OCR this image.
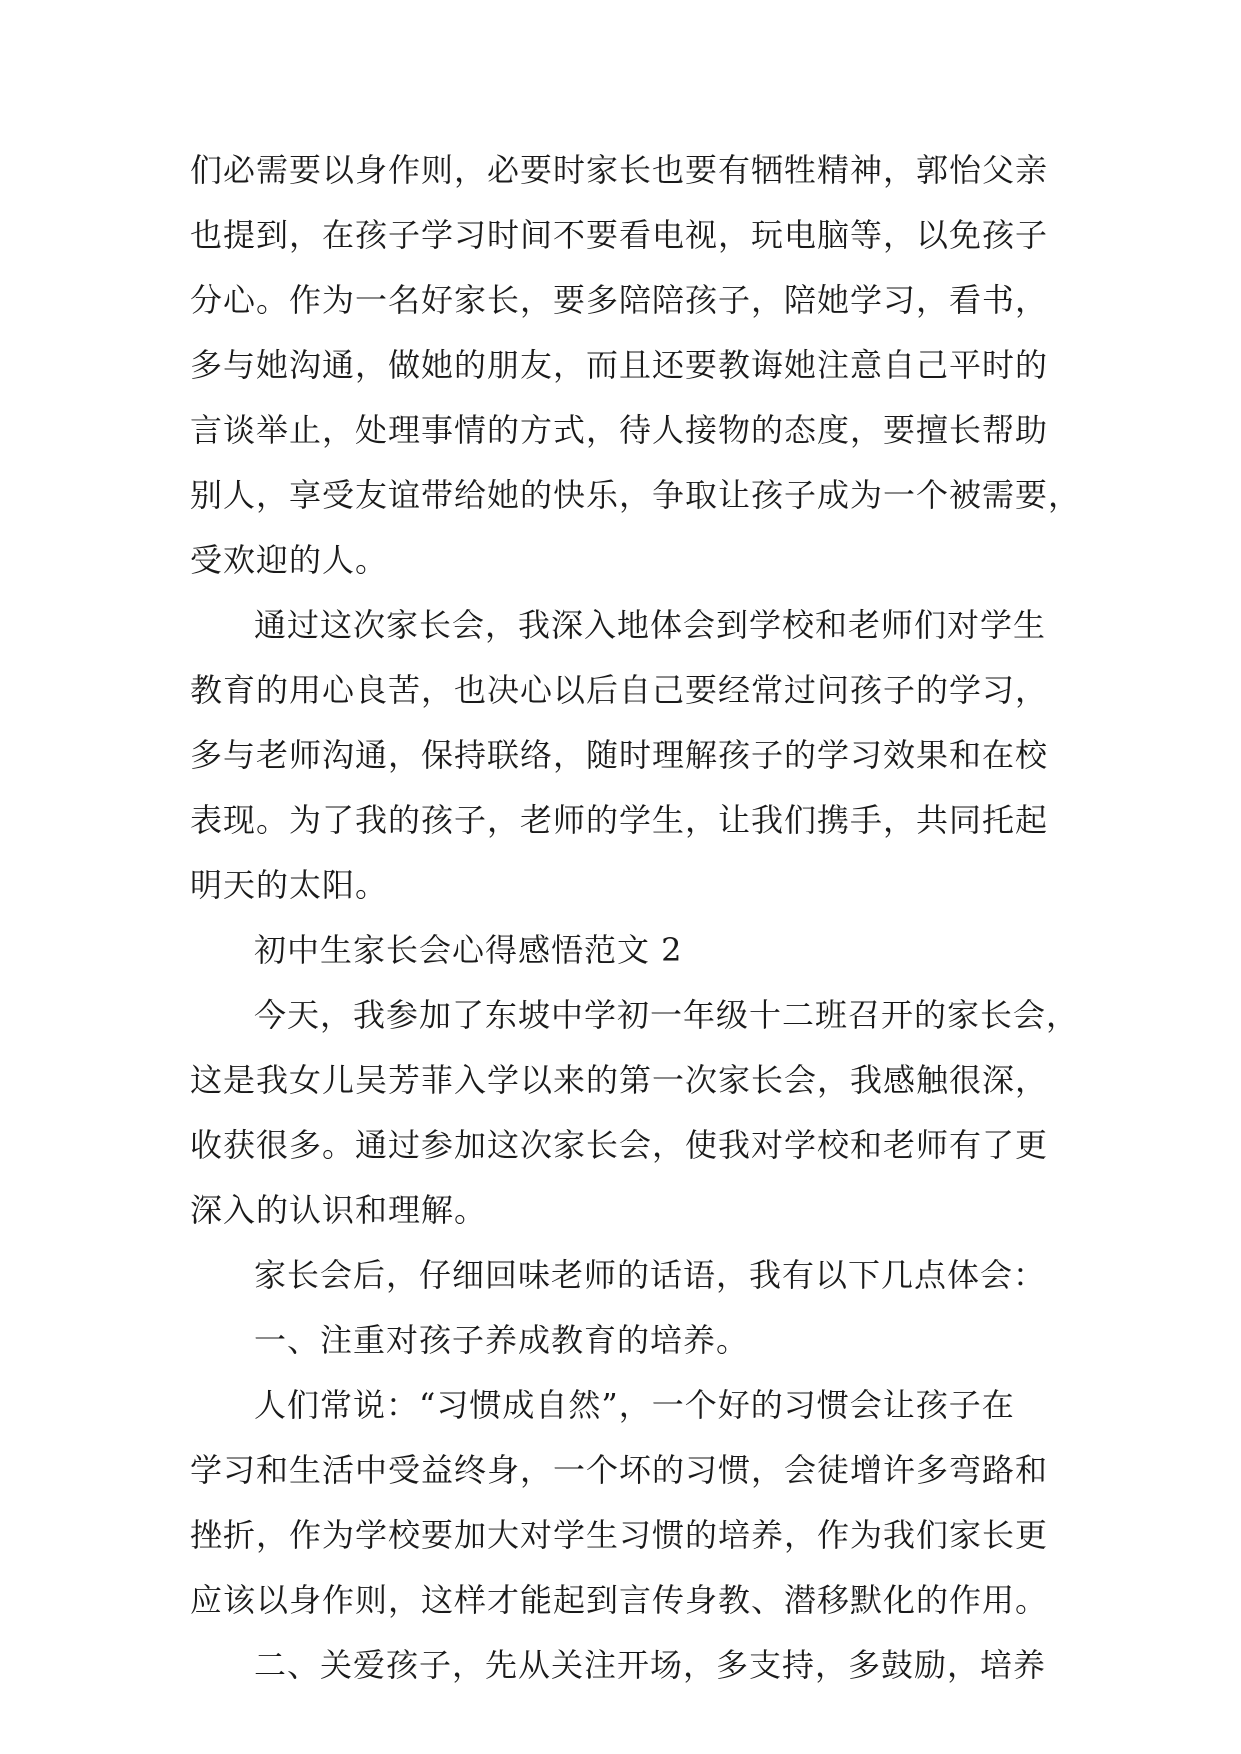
们必需要以身作则，必要时家长也要有牺牲精神，郭怡父亲
也提到，在孩子学习时间不要看电视，玩电脑等，以免孩子
分心。作为一名好家长，要多陪陪孩子，陪她学习，看书，
多与她沟通，做她的朋友，而且还要教诲她注意自己平时的
言谈举止，处理事情的方式，待人接物的态度，要擅长帮助
别人，享受友谊带给她的快乐，争取让孩子成为一个被需要，
受欢迎的人。
通过这次家长会，我深入地体会到学校和老师们对学生
教育的用心良苦，也决心以后自己要经常过问孩子的学习，
多与老师沟通，保持联络，随时理解孩子的学习效果和在校
表现。为了我的孩子，老师的学生，让我们携手，共同托起
明天的太阳。
初中生家长会心得感悟范文 2
今天，我参加了东坡中学初一年级十二班召开的家长会，
这是我女儿吴芳菲入学以来的第一次家长会，我感触很深，
收获很多。通过参加这次家长会，使我对学校和老师有了更
深入的认识和理解。
家长会后，仔细回味老师的话语，我有以下几点体会：
一、注重对孩子养成教育的培养。
人们常说：“习惯成自然”，一个好的习惯会让孩子在
学习和生活中受益终身，一个坏的习惯，会徒增许多弯路和
挫折，作为学校要加大对学生习惯的培养，作为我们家长更
应该以身作则，这样才能起到言传身教、潜移默化的作用。
二、关爱孩子，先从关注开场，多支持，多鼓励，培养
